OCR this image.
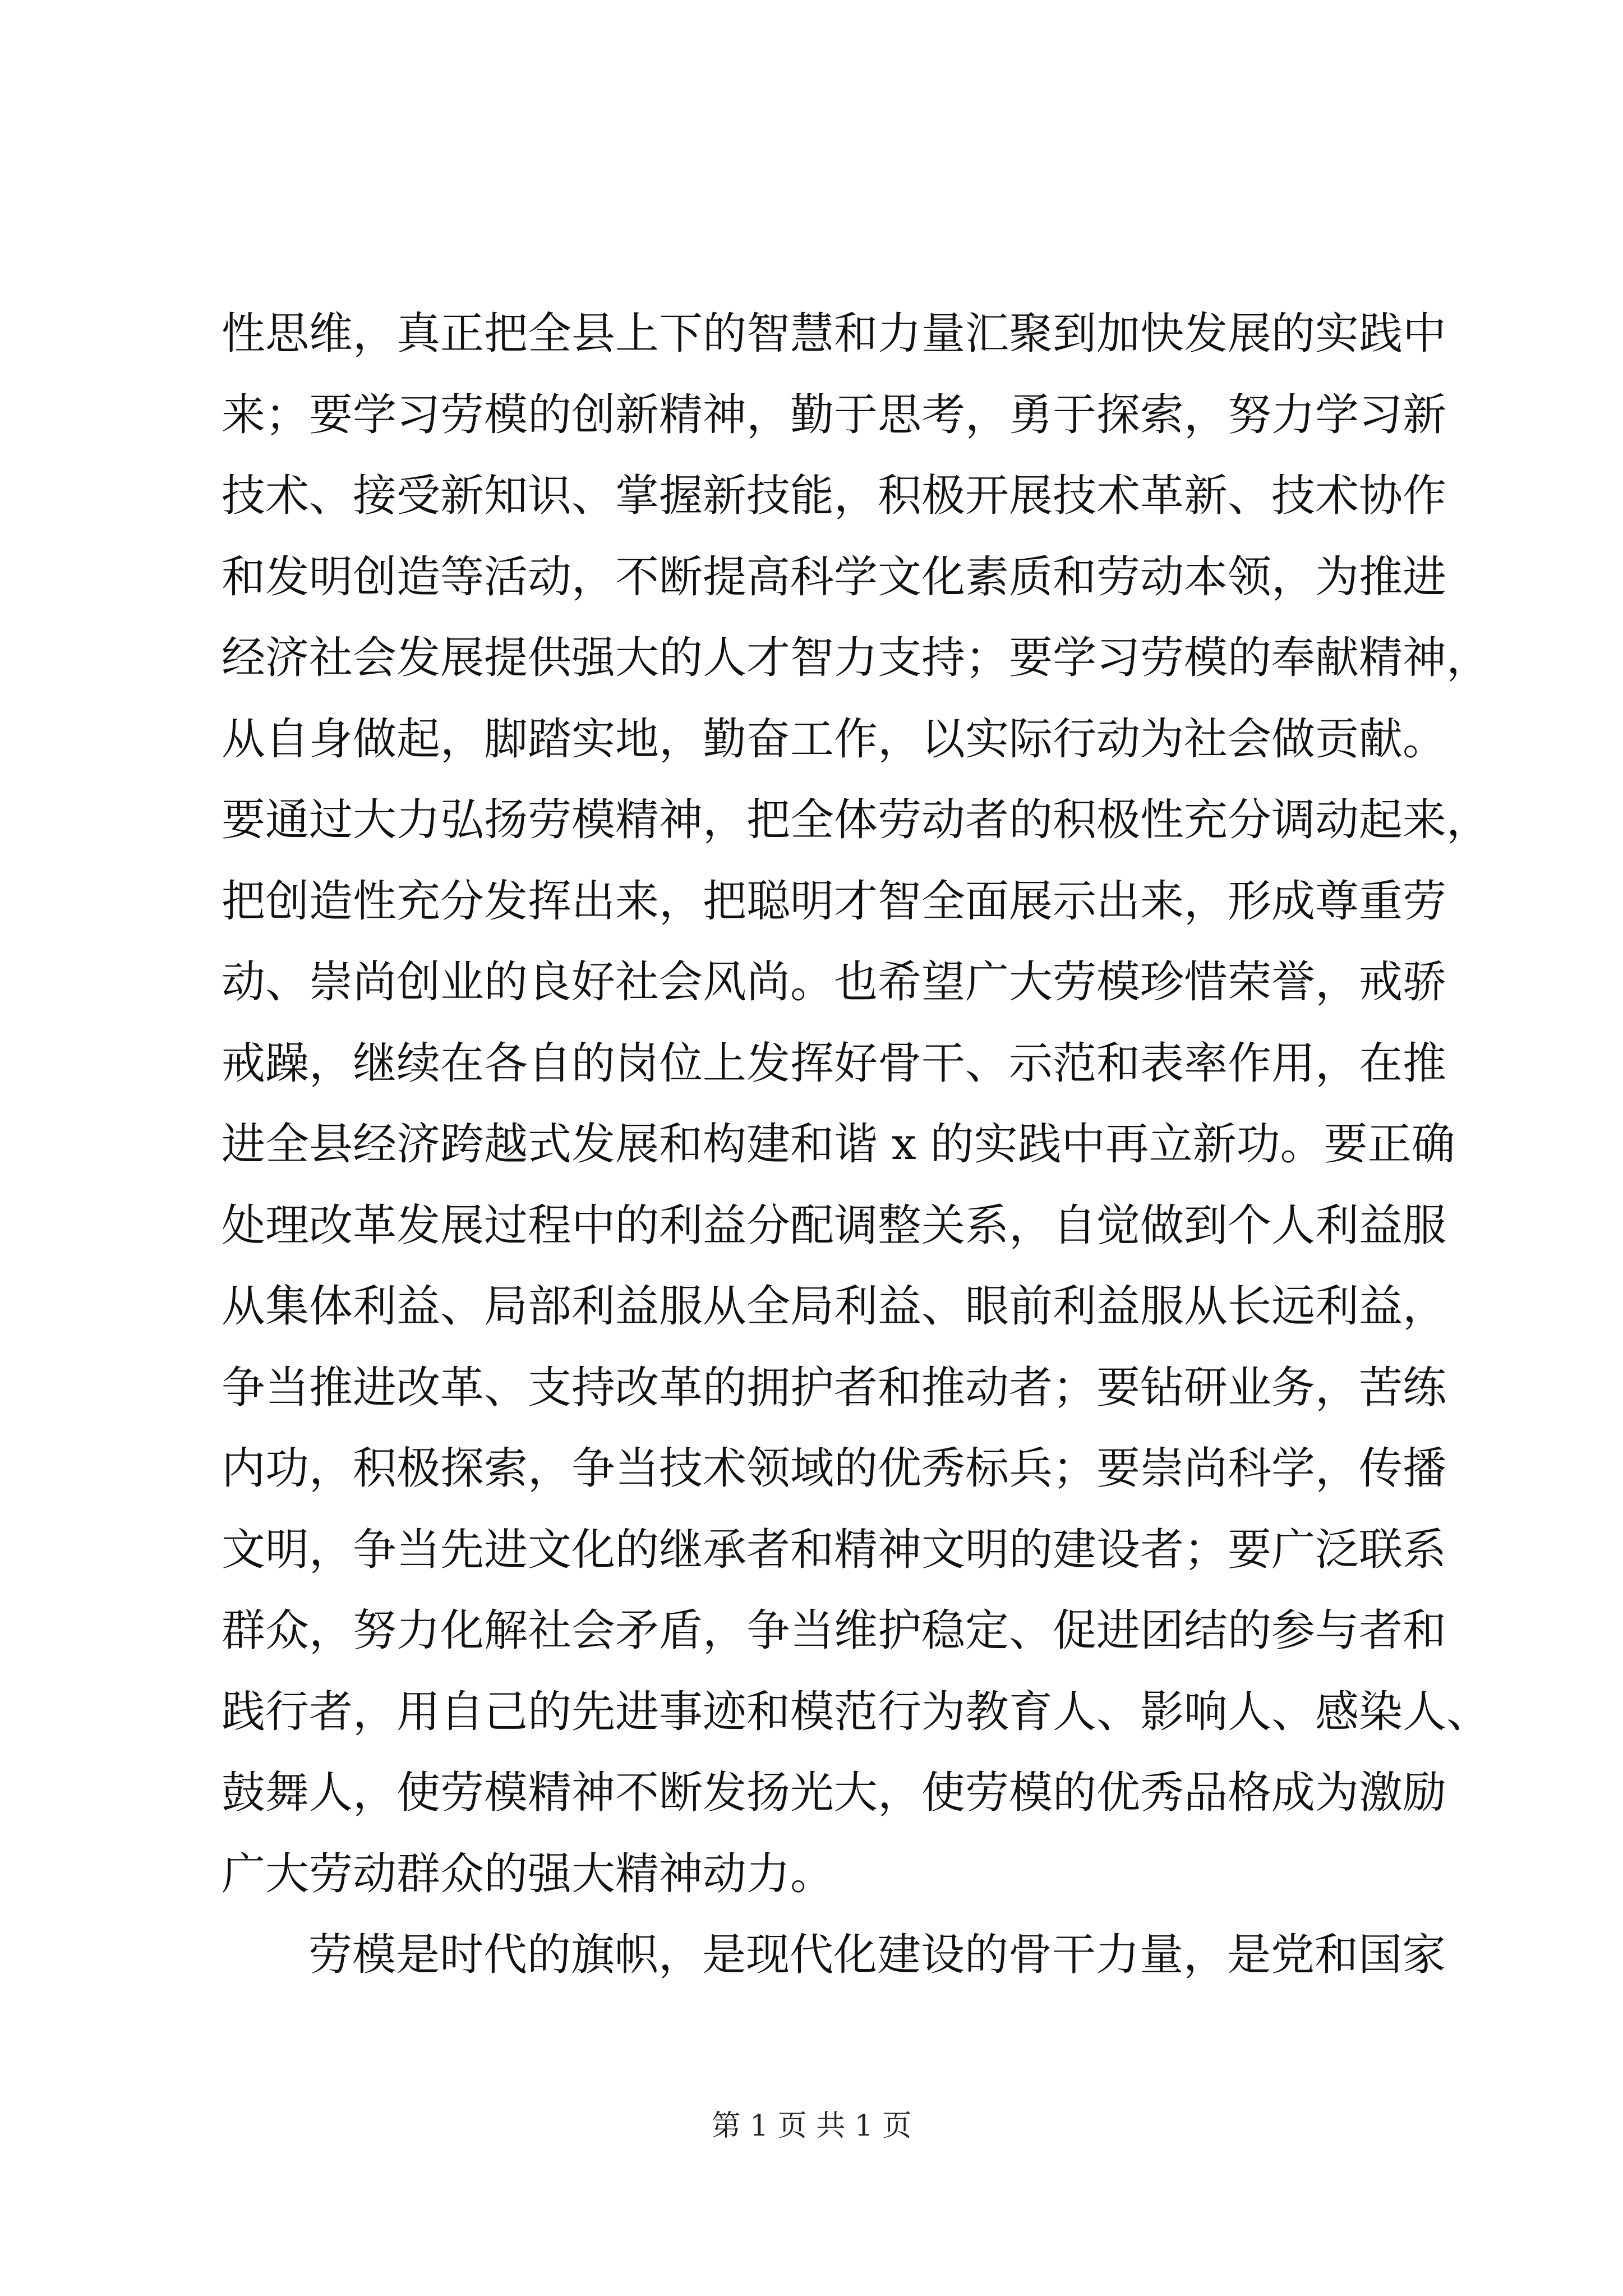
性思维，真正把全县上下的智慧和力量汇聚到加快发展的实践中
来；要学习劳模的创新精神，勤于思考，勇于探索，努力学习新
技术、接受新知识、掌握新技能，积极开展技术革新、技术协作
和发明创造等活动，不断提高科学文化素质和劳动本领，为推进
经济社会发展提供强大的人才智力支持；要学习劳模的奉献精神，
从自身做起，脚踏实地，勤奋工作，以实际行动为社会做贡献。
要通过大力弘扬劳模精神，把全体劳动者的积极性充分调动起来，
把创造性充分发挥出来，把聪明才智全面展示出来，形成尊重劳
动、崇尚创业的良好社会风尚。也希望广大劳模珍惜荣誉，戒骄
戒躁，继续在各自的岗位上发挥好骨干、示范和表率作用，在推
进全县经济跨越式发展和构建和谐 x 的实践中再立新功。要正确
处理改革发展过程中的利益分配调整关系，自觉做到个人利益服
从集体利益、局部利益服从全局利益、眼前利益服从长远利益，
争当推进改革、支持改革的拥护者和推动者；要钻研业务，苦练
内功，积极探索，争当技术领域的优秀标兵；要崇尚科学，传播
文明，争当先进文化的继承者和精神文明的建设者；要广泛联系
群众，努力化解社会矛盾，争当维护稳定、促进团结的参与者和
践行者，用自己的先进事迹和模范行为教育人、影响人、感染人、
鼓舞人，使劳模精神不断发扬光大，使劳模的优秀品格成为激励
广大劳动群众的强大精神动力。
劳模是时代的旗帜，是现代化建设的骨干力量，是党和国家
第 1 页 共 1 页
